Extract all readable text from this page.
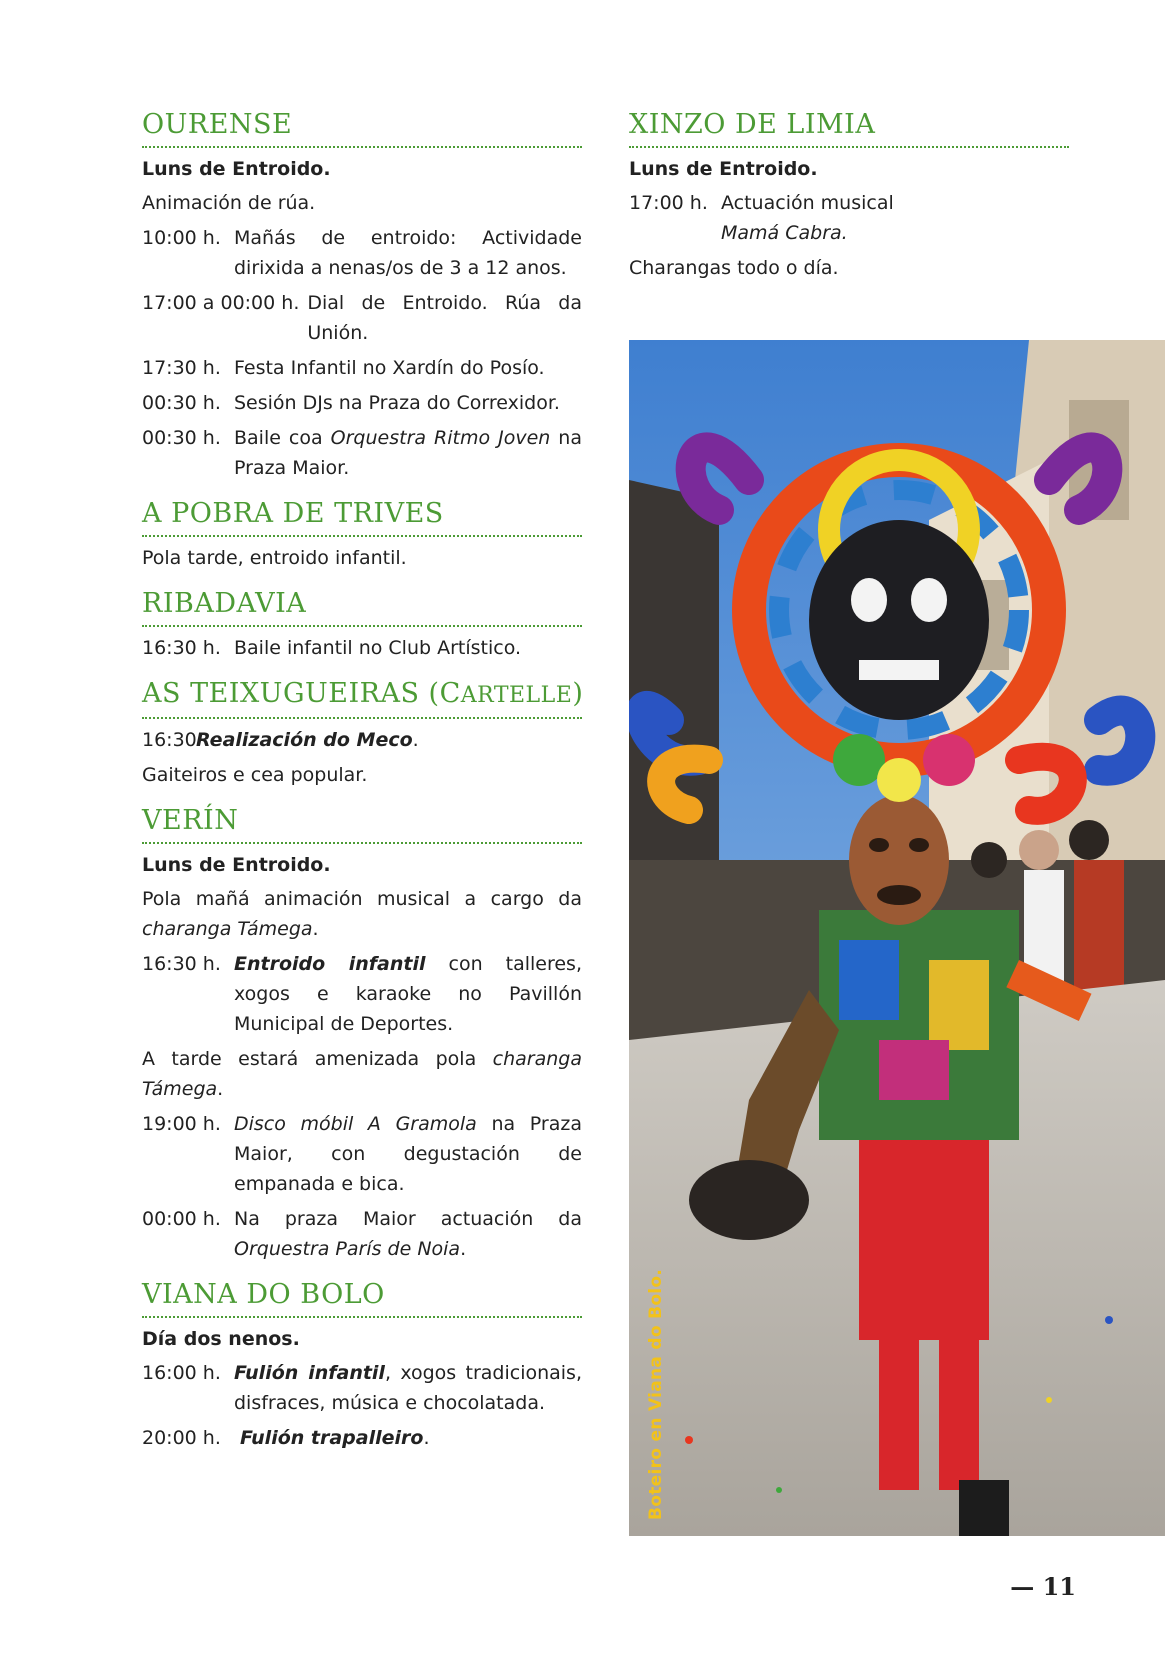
OURENSE
Luns de Entroido.
Animación de rúa.
10:00 h. Mañás de entroido: Actividade dirixida a nenas/os de 3 a 12 anos.
17:00 a 00:00 h. Dial de Entroido. Rúa da Unión.
17:30 h. Festa Infantil no Xardín do Posío.
00:30 h. Sesión DJs na Praza do Correxidor.
00:30 h. Baile coa Orquestra Ritmo Joven na Praza Maior.
A POBRA DE TRIVES
Pola tarde, entroido infantil.
RIBADAVIA
16:30 h. Baile infantil no Club Artístico.
AS TEIXUGUEIRAS (CARTELLE)
16:30 Realización do Meco.
Gaiteiros e cea popular.
VERÍN
Luns de Entroido.
Pola mañá animación musical a cargo da charanga Támega.
16:30 h. Entroido infantil con talleres, xogos e karaoke no Pavillón Municipal de Deportes.
A tarde estará amenizada pola charanga Támega.
19:00 h. Disco móbil A Gramola na Praza Maior, con degustación de empanada e bica.
00:00 h. Na praza Maior actuación da Orquestra París de Noia.
VIANA DO BOLO
Día dos nenos.
16:00 h. Fulión infantil, xogos tradicionais, disfraces, música e chocolatada.
20:00 h.	Fulión trapalleiro.
XINZO DE LIMIA
Luns de Entroido.
17:00 h. Actuación musical
Mamá Cabra.
Charangas todo o día.
Boteiro en Viana do Bolo.
— 11
